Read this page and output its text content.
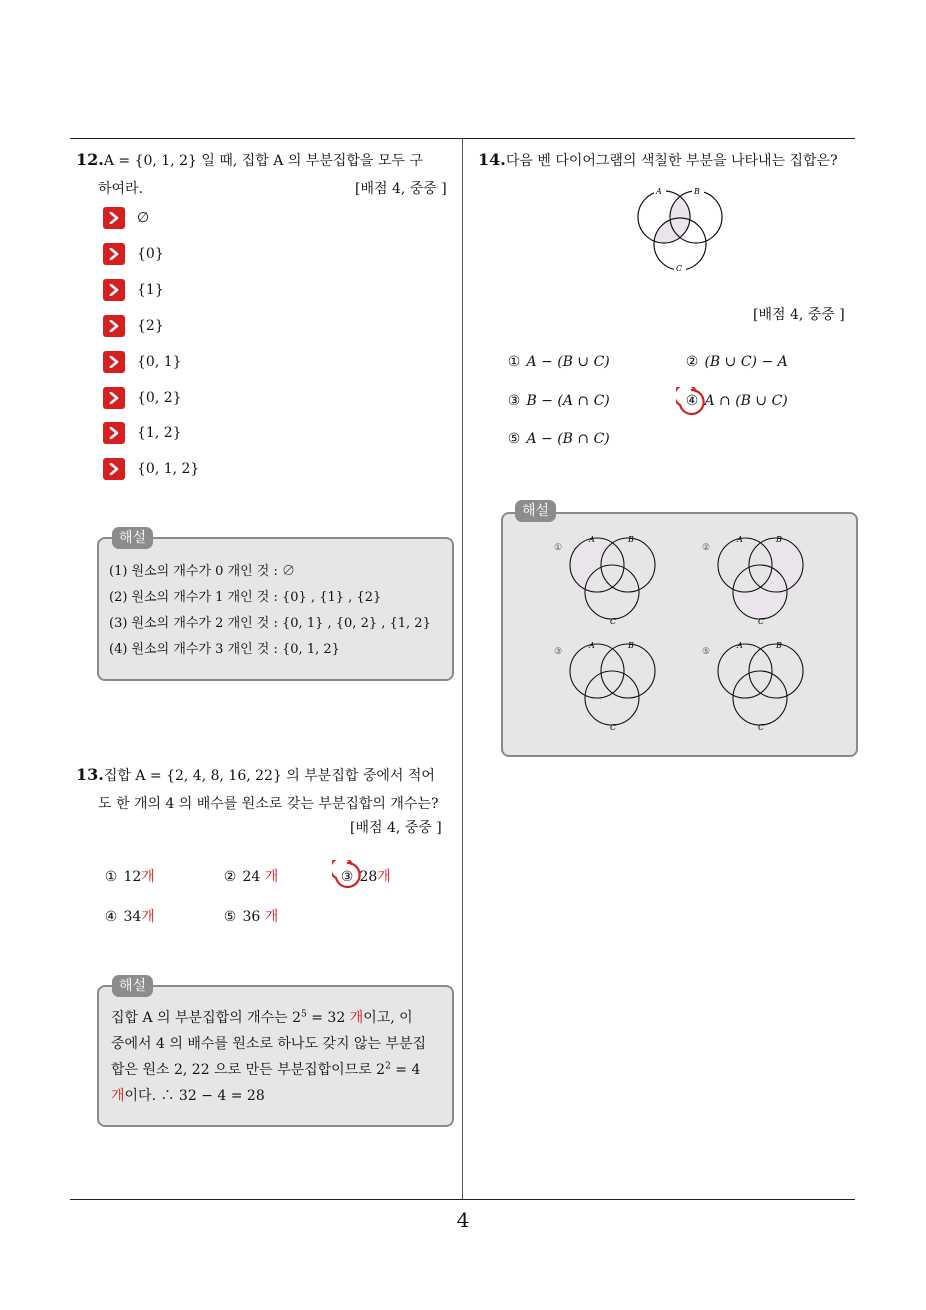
4
12.A = {0, 1, 2} 일 때, 집합 A 의 부분집합을 모두 구
하여라.	[배점 4, 중중 ]
∅
{0}
{1}
{2}
{0, 1}
{0, 2}
{1, 2}
{0, 1, 2}
해설
(1) 원소의 개수가 0 개인 것 : ∅
(2) 원소의 개수가 1 개인 것 : {0} , {1} , {2}
(3) 원소의 개수가 2 개인 것 : {0, 1} , {0, 2} , {1, 2}
(4) 원소의 개수가 3 개인 것 : {0, 1, 2}
13.집합 A = {2, 4, 8, 16, 22} 의 부분집합 중에서 적어
도 한 개의 4 의 배수를 원소로 갖는 부분집합의 개수는?
[배점 4, 중중 ]
① 12개	② 24 개	③ 28개
④ 34개	⑤ 36 개
해설
집합 A 의 부분집합의 개수는 $2^5 = 32$ 개이고, 이
중에서 4 의 배수를 원소로 하나도 갖지 않는 부분집
합은 원소 2, 22 으로 만든 부분집합이므로 $2^2 = 4$
개이다. ∴ 32 − 4 = 28
14.다음 벤 다이어그램의 색칠한 부분을 나타내는 집합은?
A	B
C
[배점 4, 중중 ]
① A − (B ∪ C)	② (B ∪ C) − A
③ B − (A ∩ C)	④ A ∩ (B ∪ C)
⑤ A − (B ∩ C)
해설
①
A	B
C
②
A	B
C
③
A	B
C
⑤
A	B
C
